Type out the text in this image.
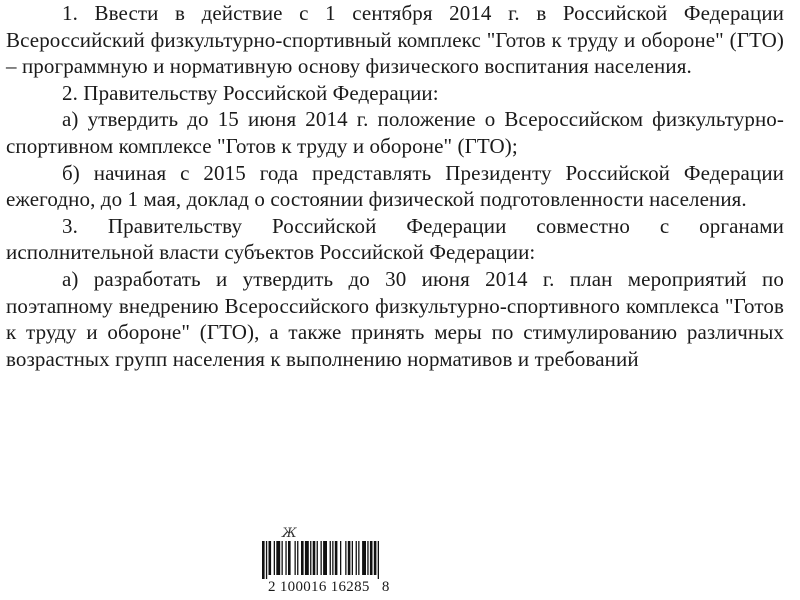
1. Ввести в действие с 1 сентября 2014 г. в Российской Федерации Всероссийский физкультурно-спортивный комплекс "Готов к труду и обороне" (ГТО) – программную и нормативную основу физического воспитания населения.

2. Правительству Российской Федерации:

а) утвердить до 15 июня 2014 г. положение о Всероссийском физкультурно-спортивном комплексе "Готов к труду и обороне" (ГТО);

б) начиная с 2015 года представлять Президенту Российской Федерации ежегодно, до 1 мая, доклад о состоянии физической подготовленности населения.

3. Правительству Российской Федерации совместно с органами исполнительной власти субъектов Российской Федерации:

а) разработать и утвердить до 30 июня 2014 г. план мероприятий по поэтапному внедрению Всероссийского физкультурно-спортивного комплекса "Готов к труду и обороне" (ГТО), а также принять меры по стимулированию различных возрастных групп населения к выполнению нормативов и требований

Ж
2 100016 16285   8
